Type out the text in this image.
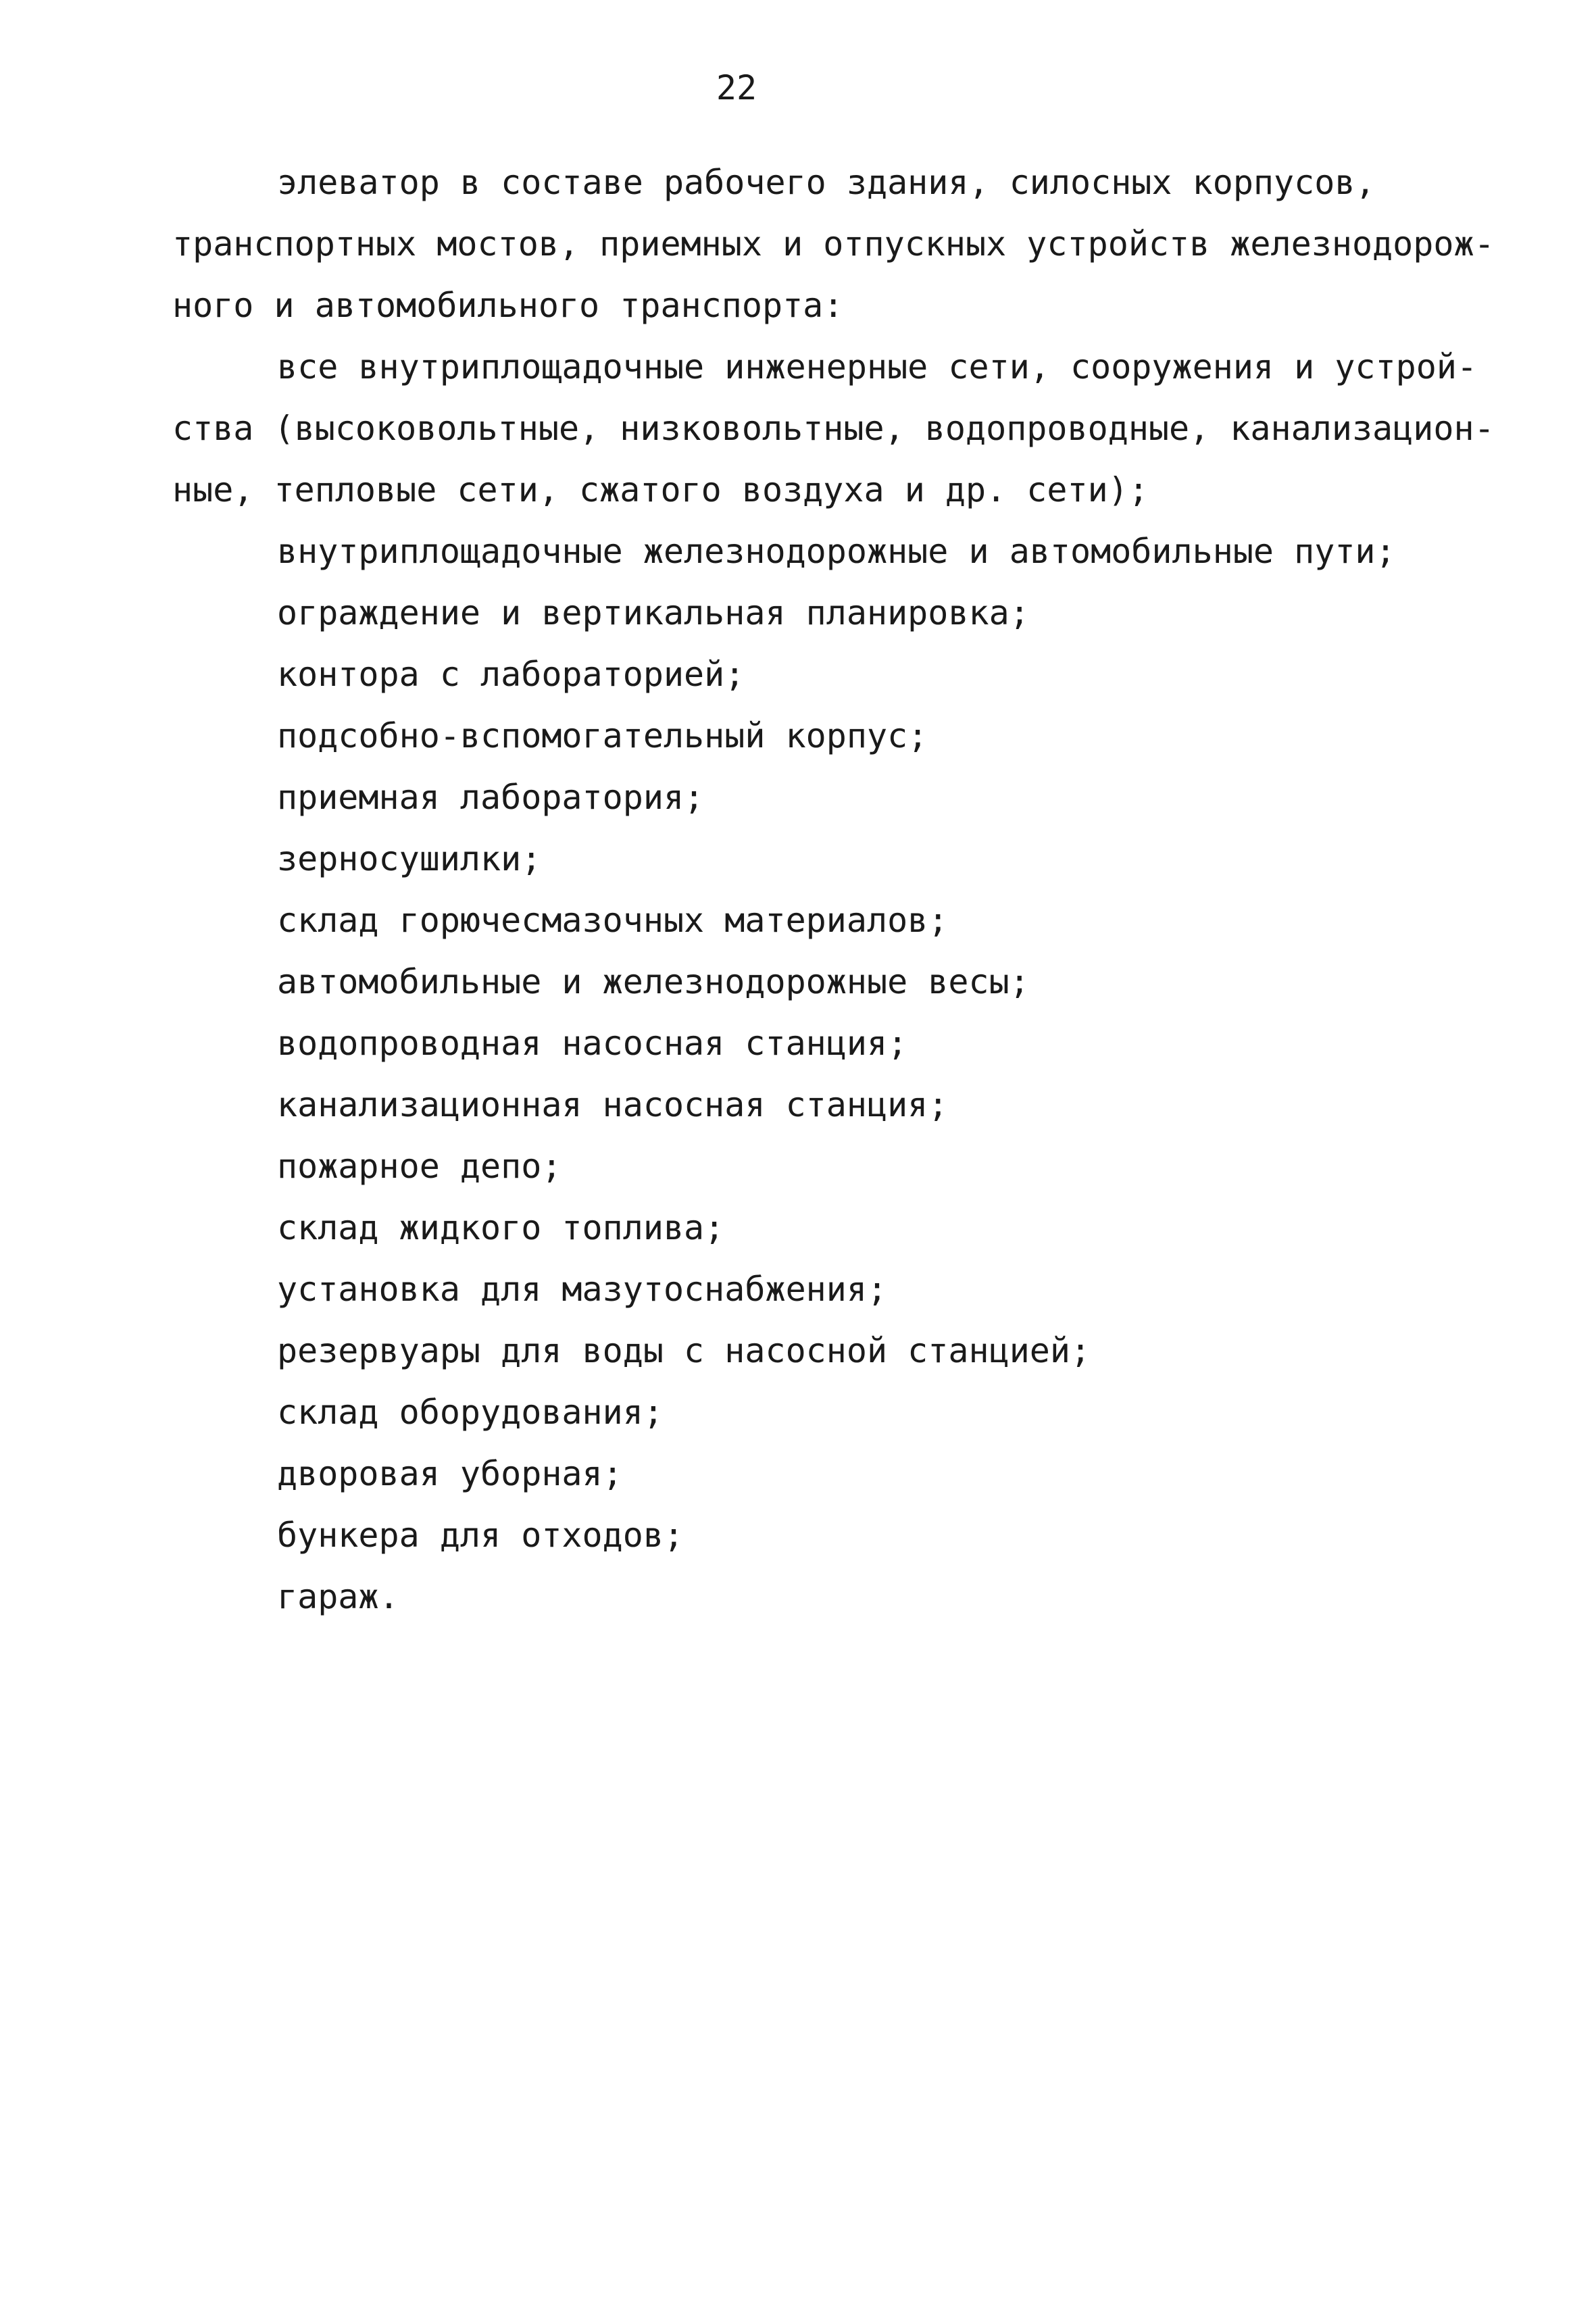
22
элеватор в составе рабочего здания, силосных корпусов,
транспортных мостов, приемных и отпускных устройств железнодорож-
ного и автомобильного транспорта:
все внутриплощадочные инженерные сети, сооружения и устрой-
ства (высоковольтные, низковольтные, водопроводные, канализацион-
ные, тепловые сети, сжатого воздуха и др. сети);
внутриплощадочные железнодорожные и автомобильные пути;
ограждение и вертикальная планировка;
контора с лабораторией;
подсобно-вспомогательный корпус;
приемная лаборатория;
зерносушилки;
склад горючесмазочных материалов;
автомобильные и железнодорожные весы;
водопроводная насосная станция;
канализационная насосная станция;
пожарное депо;
склад жидкого топлива;
установка для мазутоснабжения;
резервуары для воды с насосной станцией;
склад оборудования;
дворовая уборная;
бункера для отходов;
гараж.
